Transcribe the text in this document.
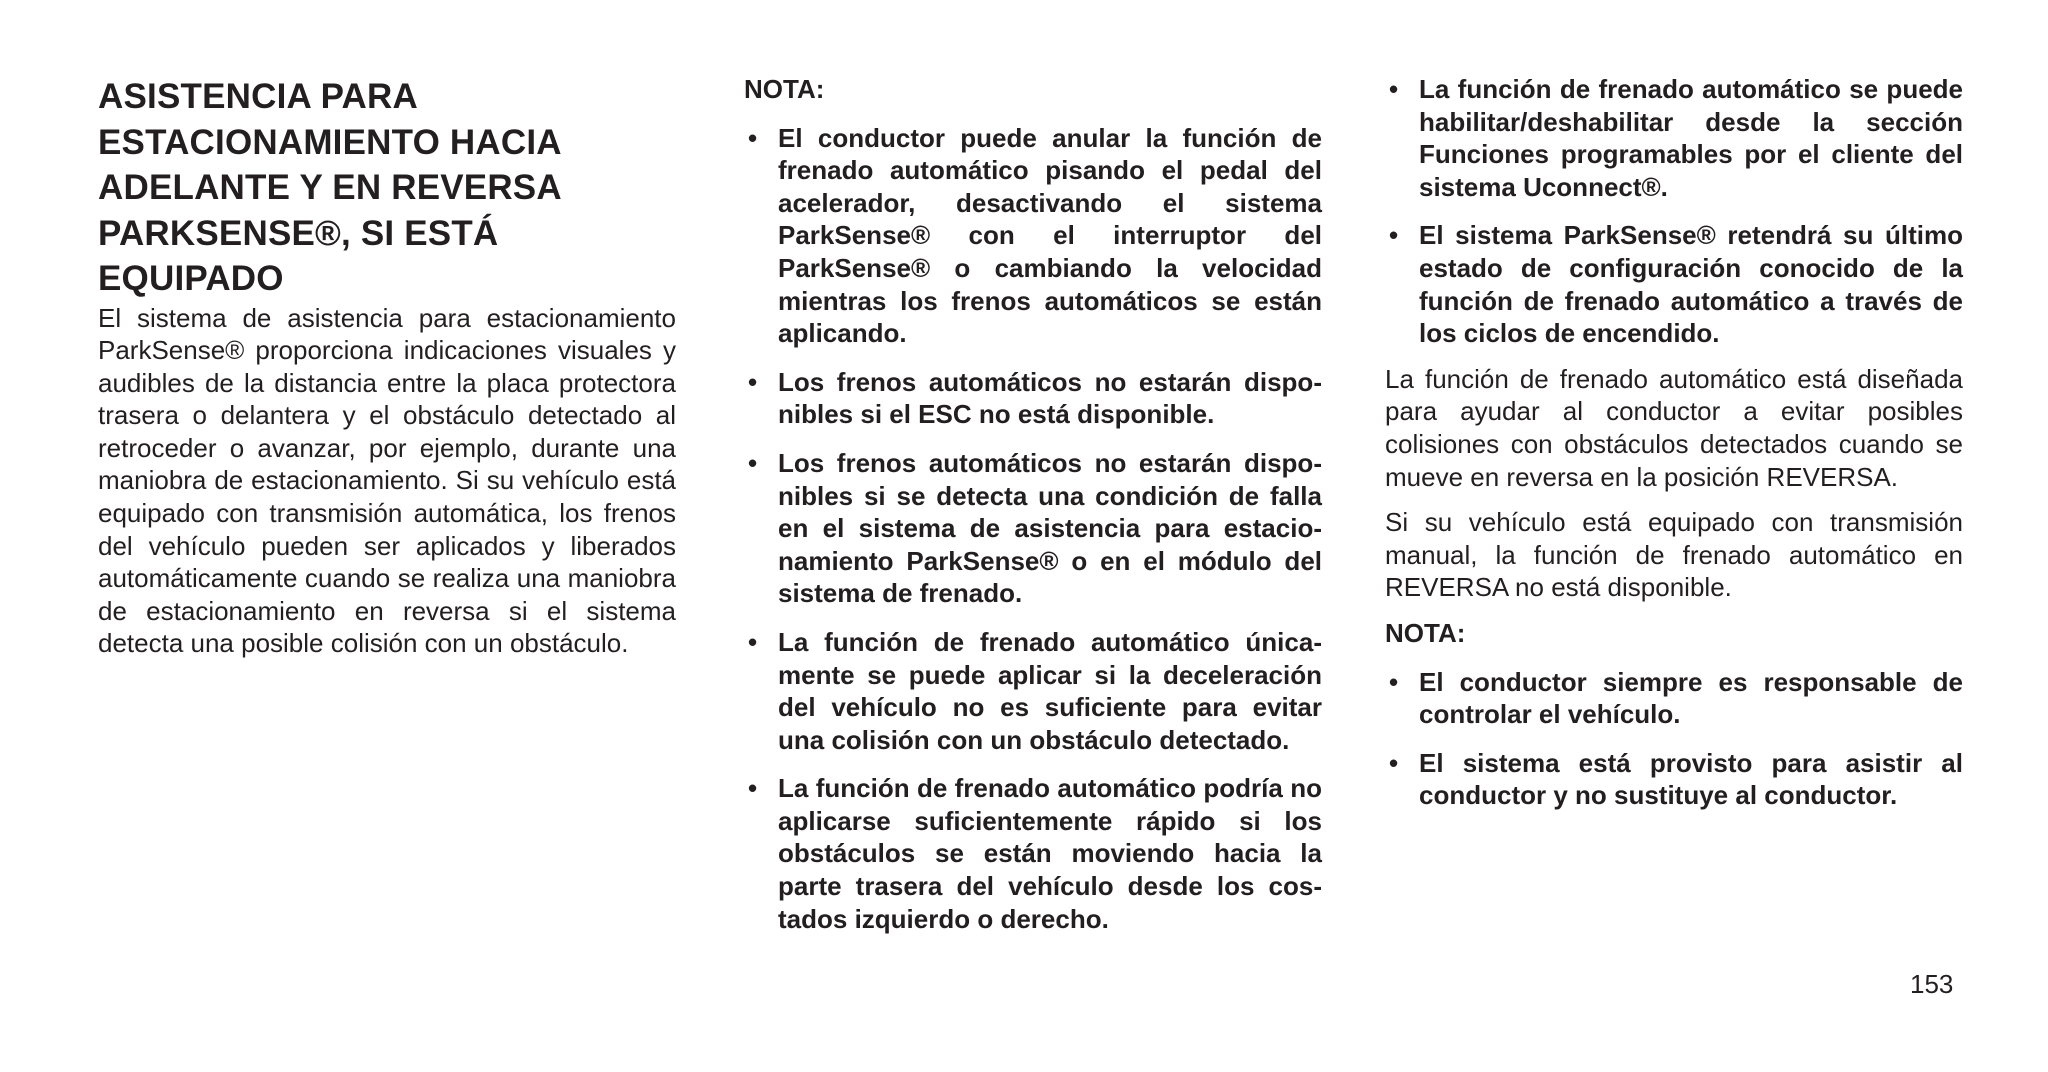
ASISTENCIA PARA
ESTACIONAMIENTO HACIA
ADELANTE Y EN REVERSA
PARKSENSE®, SI ESTÁ
EQUIPADO

El sistema de asistencia para estacionamiento ParkSense® proporciona indicaciones visuales y audibles de la distancia entre la placa protectora trasera o delantera y el obstáculo detectado al retroceder o avanzar, por ejemplo, durante una maniobra de estacionamiento. Si su vehículo está equipado con transmisión automática, los frenos del vehículo pueden ser aplicados y liberados automáticamente cuando se realiza una maniobra de estacionamiento en reversa si el sistema detecta una posible colisión con un obstáculo.

NOTA:

• El conductor puede anular la función de frenado automático pisando el pedal del acelerador, desactivando el sistema ParkSense® con el interruptor del ParkSense® o cambiando la velocidad mientras los frenos automáticos se están aplicando.
• Los frenos automáticos no estarán disponibles si el ESC no está disponible.
• Los frenos automáticos no estarán disponibles si se detecta una condición de falla en el sistema de asistencia para estacionamiento ParkSense® o en el módulo del sistema de frenado.
• La función de frenado automático únicamente se puede aplicar si la deceleración del vehículo no es suficiente para evitar una colisión con un obstáculo detectado.
• La función de frenado automático podría no aplicarse suficientemente rápido si los obstáculos se están moviendo hacia la parte trasera del vehículo desde los costados izquierdo o derecho.
• La función de frenado automático se puede habilitar/deshabilitar desde la sección Funciones programables por el cliente del sistema Uconnect®.
• El sistema ParkSense® retendrá su último estado de configuración conocido de la función de frenado automático a través de los ciclos de encendido.

La función de frenado automático está diseñada para ayudar al conductor a evitar posibles colisiones con obstáculos detectados cuando se mueve en reversa en la posición REVERSA.

Si su vehículo está equipado con transmisión manual, la función de frenado automático en REVERSA no está disponible.

NOTA:

• El conductor siempre es responsable de controlar el vehículo.
• El sistema está provisto para asistir al conductor y no sustituye al conductor.
153
